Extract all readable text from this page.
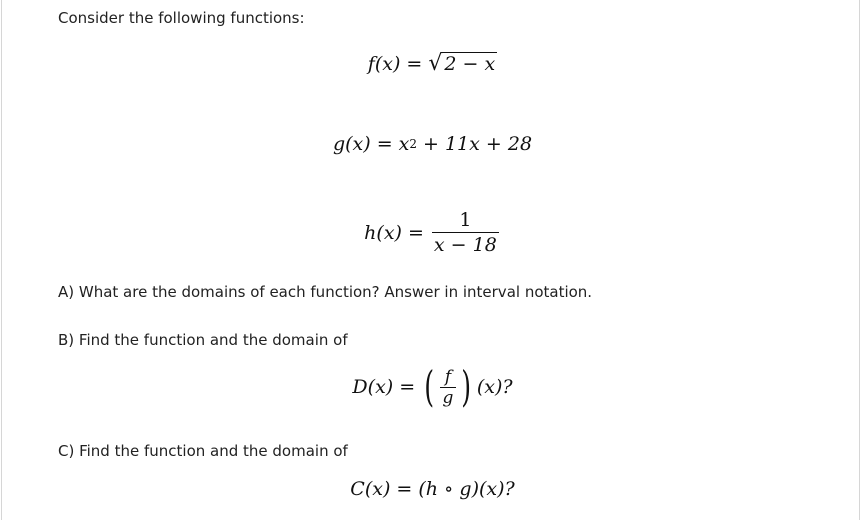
Consider the following functions:
f(x) = √ 2 − x
g(x) = x 2 + 11x + 28
$h(x) = \frac{1}{x - 18}$
A) What are the domains of each function? Answer in interval notation.
B) Find the function and the domain of
D(x) = ( $\frac{f}{g}$ ) (x)?
C) Find the function and the domain of
C(x) = (h ∘ g)(x)?
